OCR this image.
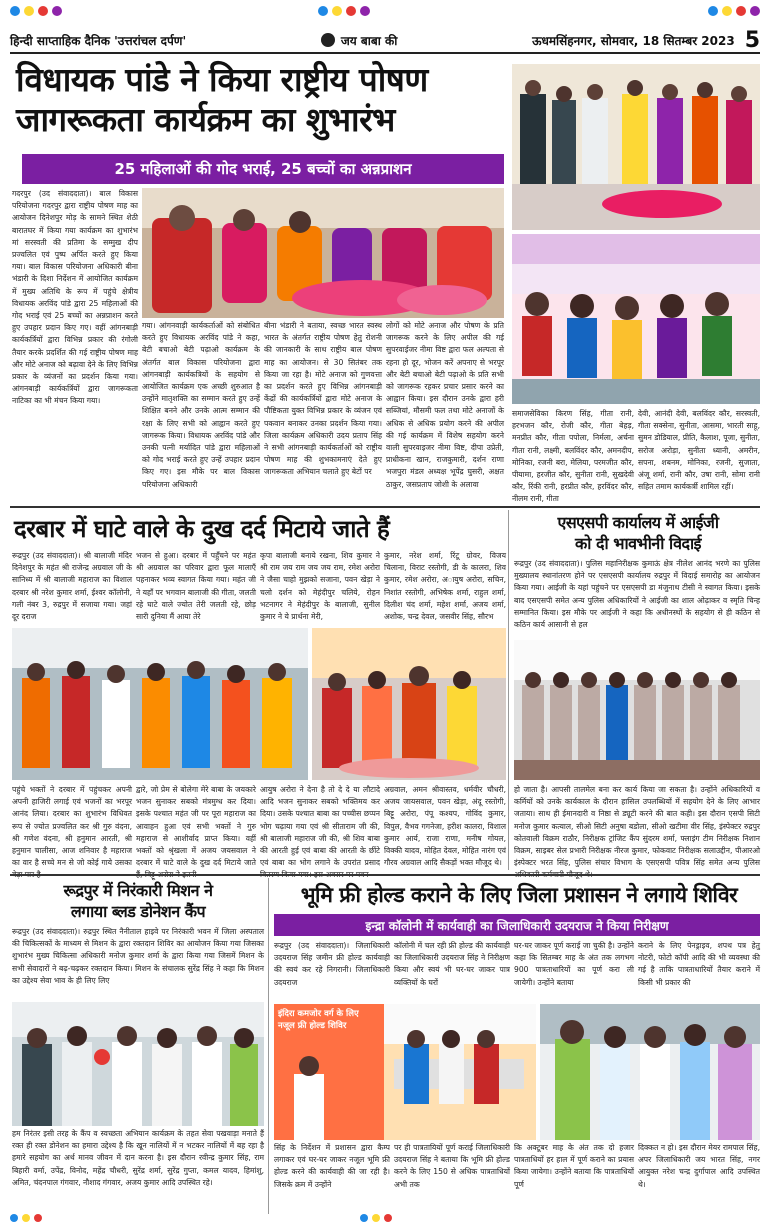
हिन्दी साप्ताहिक दैनिक 'उत्तरांचल दर्पण'	जय बाबा की	ऊधमसिंहनगर, सोमवार, 18 सितम्बर 2023 5
विधायक पांडे ने किया राष्ट्रीय पोषण
जागरूकता कार्यक्रम का शुभारंभ
25 महिलाओं की गोद भराई, 25 बच्चों का अन्नप्राशन
गदरपुर (उद संवाददाता)। बाल विकास परियोजना गदरपुर द्वारा राष्ट्रीय पोषण माह का आयोजन दिनेशपुर मोड़ के सामने स्थित शेठी बारातघर में किया गया कार्यक्रम का शुभारंभ मां सरस्वती की प्रतिमा के सम्मुख दीप प्रज्वलित एवं पुष्प अर्पित करते हुए किया गया। बाल विकास परियोजना अधिकारी बीना भंडारी के दिशा निर्देशन में आयोजित कार्यक्रम में मुख्य अतिथि के रूप में पहुंचे क्षेत्रीय विधायक अरविंद पांडे द्वारा 25 महिलाओं की गोद भराई एवं 25 बच्चों का अन्नप्राशन करते हुए उपहार प्रदान किए गए। वहीं आंगनबाड़ी कार्यकर्त्रियों द्वारा विभिन्न प्रकार की रंगोली तैयार करके प्रदर्शित की गई राष्ट्रीय पोषण माह और मोटे अनाज को बढ़ावा देने के लिए विभिन्न प्रकार के व्यंजनों का प्रदर्शन किया गया। आंगनबाड़ी कार्यकर्त्रियों द्वारा जागरूकता नाटिका का भी मंचन किया गया।
गया। आंगनवाड़ी कार्यकर्ताओं को संबोधित करते हुए विधायक अरविंद पांडे ने कहा, बेटी बचाओ बेटी पढ़ाओ कार्यक्रम के अंतर्गत बाल विकास परियोजना द्वारा आंगनबाड़ी कार्यकत्रियों के सहयोग से आयोजित कार्यक्रम एक अच्छी शुरुआत है उन्होंने मातृशक्ति का सम्मान करते हुए उन्हें शिक्षित बनने और उनके आत्म सम्मान की रक्षा के लिए सभी को आह्वान करते हुए जागरूक किया। विधायक अरविंद पांडे और उनकी पत्नी मर्यादित पांडे द्वारा महिलाओं को गोद भराई करते हुए उन्हें उपहार प्रदान किए गए। इस मौके पर बाल विकास परियोजना अधिकारी
बीना भंडारी ने बताया, स्वच्छ भारत स्वस्थ भारत के अंतर्गत राष्ट्रीय पोषण हेतु रोशनी की जानकारी के साथ राष्ट्रीय बाल पोषण माह का आयोजन। से 30 सितंबर तक किया जा रहा है। मोटे अनाज को गुणवत्ता का प्रदर्शन करते हुए विभिन्न आंगनबाड़ी केंद्रों की कार्यकर्त्रियों द्वारा मोटे अनाज के पौष्टिकता युक्त विभिन्न प्रकार के व्यंजन एवं पकवान बनाकर उनका प्रदर्शन किया गया। जिला कार्यक्रम अधिकारी उदय प्रताप सिंह ने सभी आंगनबाड़ी कार्यकर्ताओं को राष्ट्रीय पोषण माह की शुभकामनाएं देते हुए जागरूकता अभियान चलाते हुए बेटों पर
लोगों को मोटे अनाज और पोषण के प्रति जागरूक करने के लिए अपील की गई सुपरवाईजर नीमा विष्ट द्वारा फल अल्पता से रहना हो दूर, भोजन करें अपनाए से भरपूर और बेटी बचाओ बेटी पढ़ाओ के प्रति सभी को जागरूक रहकर प्रचार प्रसार करने का आह्वान किया। इस दौरान उनके द्वारा हरी सब्जियां, मौसमी फल तथा मोटे अनाजों के अधिक से अधिक प्रयोग करने की अपील की गई कार्यक्रम में विशेष सहयोग करने वाली सुपरवाइजर नीमा विष्ट, दीपा उप्रेती, प्राधीकना खान, राजकुमारी, दर्शन राणा भजपुरा मंडल अध्यक्ष भूपेंद्र घुसरी, अक्षत ठाकुर, जसप्रताप जोशी के अलावा
समाजसेविका किरण सिंह, गीता रानी, हरभजन कौर, रोजी कौर, गीता बेहड़, मनप्रीत कौर, गीता पपोला, निर्मला, अर्चना गीता रानी, लक्ष्मी, बलविंदर कौर, अमनदीप, मोनिका, रजनी बरा, मेलिया, परमजीत कौर, पीयामा, हरजीत कौर, सुनीता रानी, सुखदेवी कौर, रिंकी रानी, हरप्रीत कौर, हरविंदर कौर, नीलम रानी, गीता
देवी, आनंदी देवी, बलविंदर कौर, सरस्वती, गीता सक्सेना, सुनीता, आसमा, भारती साहू, सुमन डोडियाल, प्रीति, कैलाश, पूजा, सुनीता, सरोज अरोड़ा, सुनीता ध्यानी, अमरीन, सपना, शबनम, मोनिका, रजनी, सुजाता, अंजू शर्मा, रानी कौर, उषा रानी, सोमा रानी सहित तमाम कार्यकर्त्री शामिल रहीं।
दरबार में घाटे वाले के दुख दर्द मिटाये जाते हैं
रूद्रपुर (उद संवाददाता)। श्री बालाजी मंदिर दिनेशपुर के महंत श्री राजेन्द्र अग्रवाल जी के सानिध्य में श्री बालाजी महाराज का विशाल दरबार श्री नरेश कुमार शर्मा, ईश्वर कॉलोनी, गली नंबर 3, रुद्रपुर में सजाया गया। जहां दूर दराज
भजन से हुआ। दरबार में पहुँचने पर महंत श्री अग्रवाल का परिवार द्वारा फूल मालाएँ पहनाकर भव्य स्वागत किया गया। महंत जी ने यहाँ पर भगवान बालाजी की गीता, जलती रहे घाटे वाले ज्योत तेरी जलती रहे, छोड़ सारी दुनिया मैं आया तेरे
कृपा बालाजी बनाये रखना, शिव कुमार ने श्री राम जय राम जय जय राम, रमेश अरोरा ने जैसा चाहो मुझको सजाना, पवन खेड़ा ने चलो दर्शन को मेहंदीपुर चलिये, रोहन भटनागर ने मेहंदीपुर के बालाजी, सुनील कुमार ने ये प्रार्थना मेरी,
कुमार, नरेश शर्मा, रिंटू ग्रोवर, विजय चिलाना, विराट रस्तोगी, डी के कालरा, शिव कुमार, रमेश अरोरा, अायुष अरोरा, सचिन, निशांत रस्तोगी, अभिषेक शर्मा, राहुल शर्मा, दिलीश चंद शर्मा, महेश शर्मा, अजय शर्मा, अशोक, चन्द्र देवल, जसवीर सिंह, सौरभ
पहुंचे भक्तों ने दरबार में पहुंचकर अपनी अपनी हाजिरी लगाई एवं भजनों का भरपूर आनंद लिया। दरबार का शुभारंभ विधिवत रूप से ज्योत प्रज्वलित कर श्री गुरु वंदना, श्री गणेश वंदना, श्री हनुमान आरती, श्री हनुमान चालीसा, आज शनिवार है महाराज का वार है सच्चे मन से जो कोई गाये उसका
द्वारे, जो प्रेम से बोलेगा मेरे बाबा के जयकारे भजन सुनाकर सबको मंत्रमुग्ध कर दिया। इसके पश्चात महंत जी पर पूरा महाराज का आवाहन हुआ एवं सभी भक्तों ने गुरु महाराज से आशीर्वाद प्राप्त किया। वहीं भक्तों को श्रृंखला में अजय जयसवाल ने दरबार में घाटे वाले के दुख दर्द मिटाये जाते
आयुष अरोरा ने देना है तो दे दे या लौटादे आदि भजन सुनाकर सबको भक्तिमय कर दिया। उसके पश्चात बाबा का पच्चीस छप्पन भोग चढ़ाया गया एवं श्री सीताराम जी की, श्री बालाजी महाराज जी की, श्री शिव बाबा की आरती हुई एवं बाबा की आरती के छींटे एवं बाबा का भोग लगाने के उपरांत प्रसाद
अग्रवाल, अमन श्रीवास्तव, धर्मवीर चौधरी, अजय जायसवाल, पवन खेड़ा, अंदू रस्तोगी, बिट्टू अरोरा, पंपू कश्यप, गोविंद कुमार, विपुल, वैभव गगनेजा, हरीश कालरा, विशाल कुमार आर्य, राजा राणा, मनीष गोयल, विक्की यादव, मोहित देवल, मोहित नारंग एवं गौरव अग्रवाल आदि सैकड़ों भक्त मौजूद थे।
एसएसपी कार्यालय में आईजी
को दी भावभीनी विदाई
रूद्रपुर (उद संवाददाता)। पुलिस महानिरीक्षक कुमाऊं क्षेत्र नीलेश आनंद भरणे का पुलिस मुख्यालय स्थानांतरण होने पर एसएसपी कार्यालय रुद्रपुर में विदाई समारोह का आयोजन किया गया। आईजी के यहां पहुंचने पर एसएसपी डा मंजुनाथ टीसी ने स्वागत किया। इसके बाद एसएसपी समेत अन्य पुलिस अधिकारियों ने आईजी का शाल ओढ़ाकर व स्मृति चिन्ह सम्मानित किया। इस मौके पर आईजी ने कहा कि अधीनस्थों के सहयोग से ही कठिन से कठिन कार्य आसानी से हल
हो जाता है। आपसी तालमेल बना कर कार्य किया जा सकता है। उन्होंने अधिकारियों व कर्मियों को उनके कार्यकाल के दौरान हासिल उपलब्धियों में सहयोग देने के लिए आभार जताया। साथ ही ईमानदारी व निष्ठा से ड्यूटी करने की बात कही। इस दौरान एसपी सिटी मनोज कुमार कत्याल, सीओ सिटी अनुषा बडोला, सीओ खटीमा वीर सिंह, इंस्पेक्टर रुद्रपुर कोतवाली विक्रम राठौर, निरीक्षक ट्रांजिट कैंप सुंदरम शर्मा, फ्लाइंग टीम निरीक्षक निशान विक्रम, साइबर सेल प्रभारी निरीक्षक नीरज कुमार, फोकवाट निरीक्षक सलाउद्दीन, पीआरओ इंस्पेक्टर भरत सिंह, पुलिस संचार विभाग के एसएसपी पवित्र सिंह समेत अन्य पुलिस
रूद्रपुर में निरंकारी मिशन ने
लगाया ब्लड डोनेशन कैंप
रूद्रपुर (उद संवाददाता)। रुद्रपुर स्थित नैनीताल हाइवे पर निरंकारी भवन में जिला अस्पताल की चिकित्सकों के माध्यम से मिशन के द्वारा रक्तदान शिविर का आयोजन किया गया जिसका शुभारंभ मुख्य चिकित्सा अधिकारी मनोज कुमार शर्मा के द्वारा किया गया जिसमें मिशन के सभी सेवादारों ने बढ़-चढ़कर रक्तदान किया। मिशन के संचालक सुरेंद्र सिंह ने कहा कि मिशन का उद्देश्य सेवा भाव के ही लिए लिए
हम निरंतर इसी तरह के कैंप व स्वच्छता अभियान कार्यक्रम के तहत सेवा पखवाड़ा मनाते हैं रक्त ही रक्त डोनेशन का हमारा उद्देश्य है कि खून नालियों में न भटकर नालियों में बह रहा है हमारे सहयोग का अर्थ मानव जीवन में दान करना है। इस दौरान रवीन्द्र कुमार सिंह, राम बिहारी वर्मा, उपेंद्र, विनोद, महेंद्र चौधरी, सुरेंद्र शर्मा, सुरेंद्र गुप्ता, कमल यादव, हिमांशु, अमित, चंदनपाल गंगवार, नौशाद गंगवार, अजय कुमार आदि उपस्थित रहे।
भूमि फ्री होल्ड कराने के लिए जिला प्रशासन ने लगाये शिविर
इन्द्रा कॉलोनी में कार्यवाही का जिलाधिकारी उदयराज ने किया निरीक्षण
रूद्रपुर (उद संवाददाता)। जिलाधिकारी उदयराज सिंह जमीन फ्री होल्ड कार्यवाही की स्वयं कर रहे निगरानी। जिलाधिकारी उदयराज
कॉलोनी में चल रही फ्री होल्ड की कार्यवाही का जिलाधिकारी उदयराज सिंह ने निरीक्षण किया और स्वयं भी घर-घर जाकर पात्र व्यक्तियों के घरों
घर-घर जाकर पूर्ण कराई जा चुकी है। उन्होंने कहा कि सितम्बर माह के अंत तक लगभग 900 पात्रताधारियों का पूर्ण करा ली जायेगी। उन्होंने बताया
कराने के लिए पेनड्राइव, शपथ पत्र हेतु नोटरी, फोटो कॉपी आदि की भी व्यवस्था की गई है ताकि पात्रताधारियों तैयार कराने में किसी भी प्रकार की
इंदिरा कमजोर वर्ग के लिए नजूल फ्री होल्ड शिविर
सिंह के निर्देशन में प्रशासन द्वारा कैम्प लगाकर एवं घर-घर जाकर नजूल भूमि फ्री होल्ड करने की कार्यवाही की जा रही है। जिसके क्रम में उन्होंने
पर ही पात्रतायियों पूर्ण कराई जिलाधिकारी उदयराज सिंह ने बताया कि भूमि फ्री होल्ड करने के लिए 150 से अधिक पात्रताधियों अभी तक
कि अक्टूबर माह के अंत तक दो हजार पात्रताधियों हर हाल में पूर्ण कराने का प्रयास किया जायेगा। उन्होंने बताया कि पात्रताधियों पूर्ण
दिक्कत न हो। इस दौरान मेयर रामपाल सिंह, अपर जिलाधिकारी जय भारत सिंह, नगर आयुक्त नरेश चन्द्र दुर्गापाल आदि उपस्थित थे।
